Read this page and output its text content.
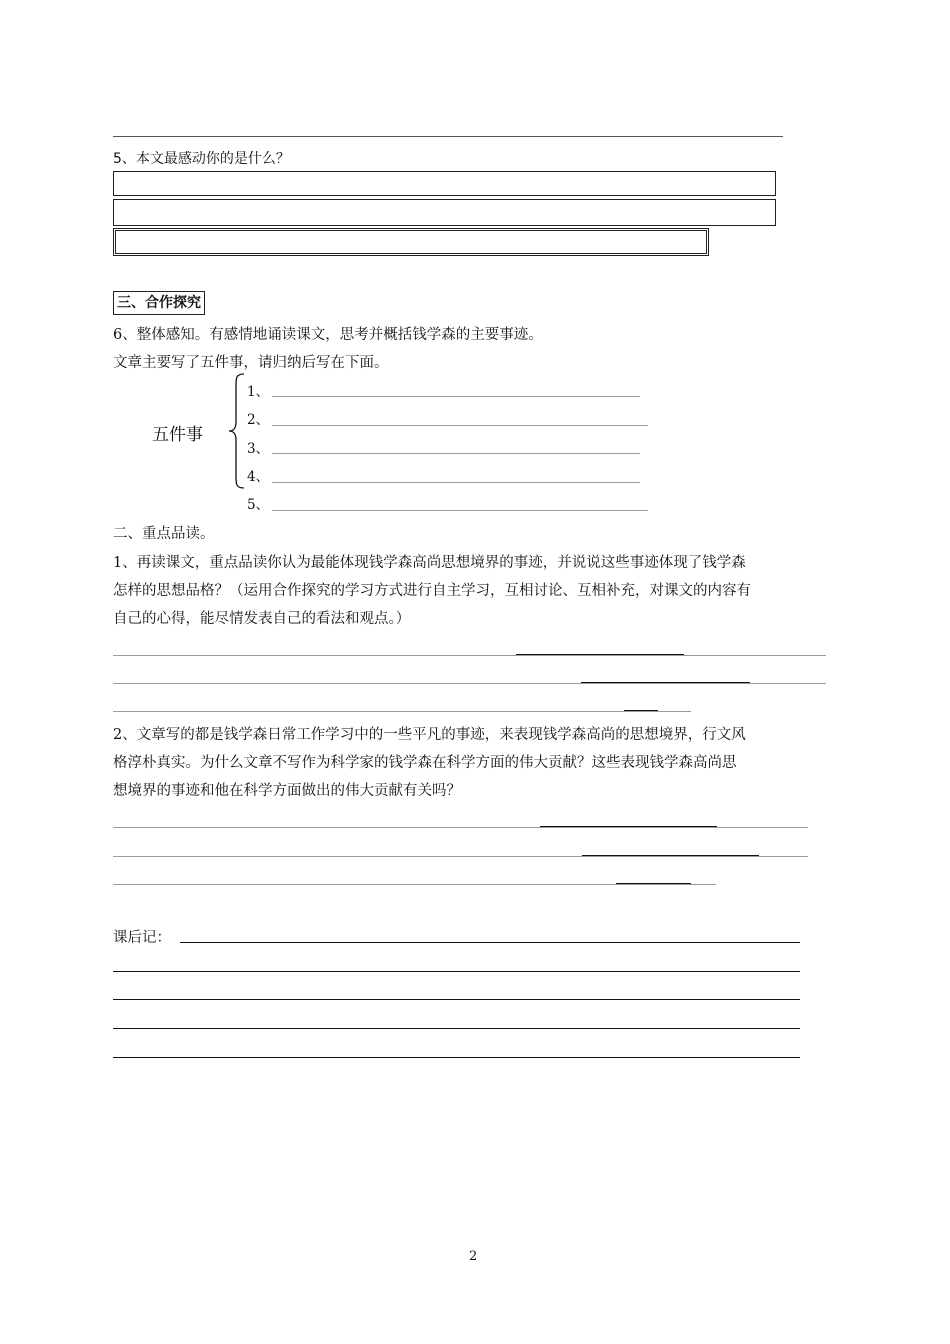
5、本文最感动你的是什么？
三、合作探究
6、整体感知。有感情地诵读课文，思考并概括钱学森的主要事迹。
文章主要写了五件事，请归纳后写在下面。
五件事
1、
2、
3、
4、
5、
二、重点品读。
1、再读课文，重点品读你认为最能体现钱学森高尚思想境界的事迹，并说说这些事迹体现了钱学森
怎样的思想品格？（运用合作探究的学习方式进行自主学习，互相讨论、互相补充，对课文的内容有
自己的心得，能尽情发表自己的看法和观点。）
2、文章写的都是钱学森日常工作学习中的一些平凡的事迹，来表现钱学森高尚的思想境界，行文风
格淳朴真实。为什么文章不写作为科学家的钱学森在科学方面的伟大贡献？这些表现钱学森高尚思
想境界的事迹和他在科学方面做出的伟大贡献有关吗？
课后记：
2
